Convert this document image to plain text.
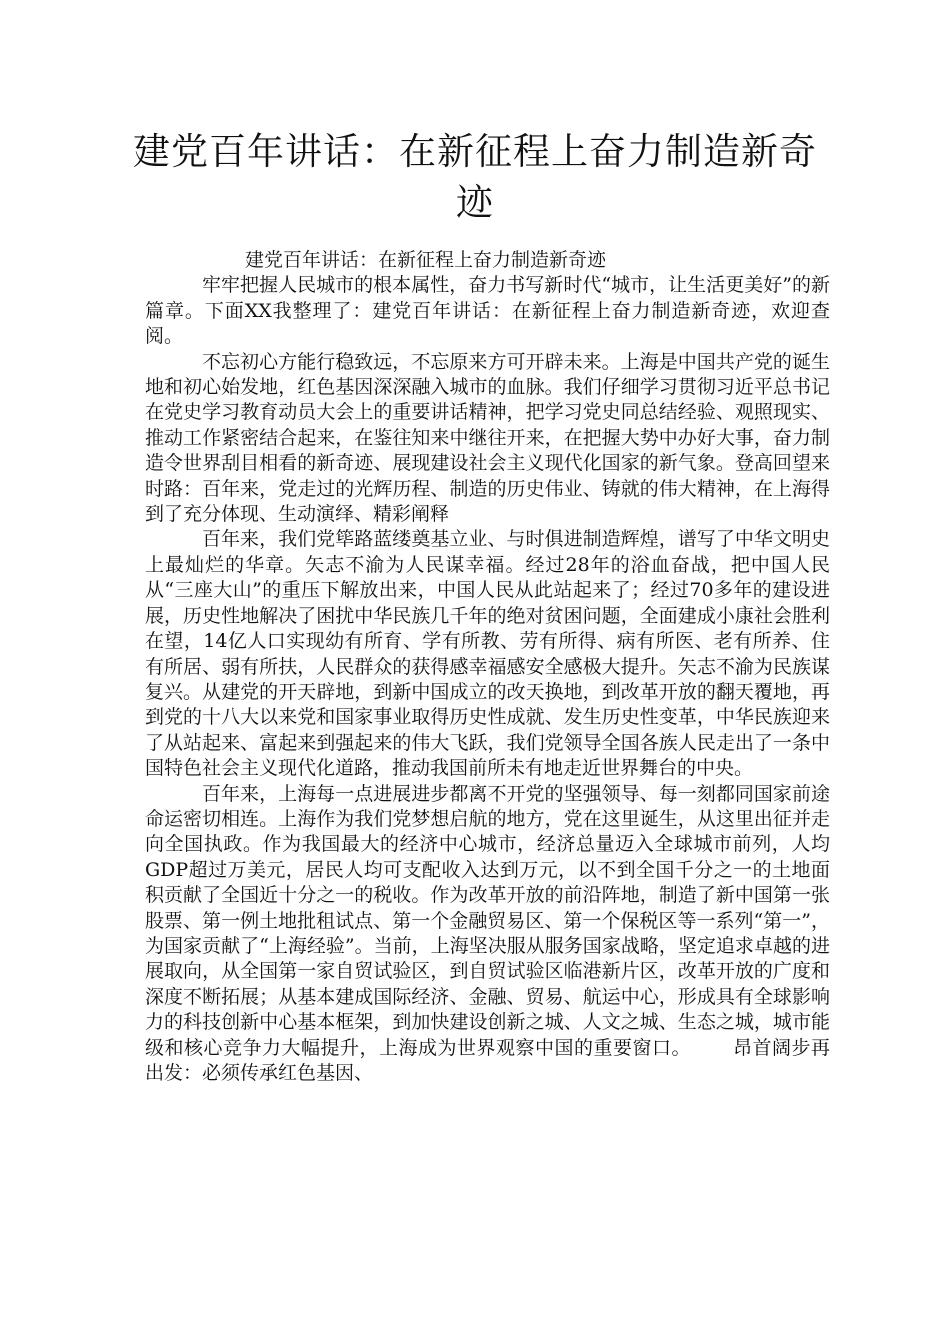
建党百年讲话：在新征程上奋力制造新奇迹

建党百年讲话：在新征程上奋力制造新奇迹

牢牢把握人民城市的根本属性，奋力书写新时代“城市，让生活更美好”的新篇章。下面XX我整理了：建党百年讲话：在新征程上奋力制造新奇迹，欢迎查阅。

不忘初心方能行稳致远，不忘原来方可开辟未来。上海是中国共产党的诞生地和初心始发地，红色基因深深融入城市的血脉。我们仔细学习贯彻习近平总书记在党史学习教育动员大会上的重要讲话精神，把学习党史同总结经验、观照现实、推动工作紧密结合起来，在鉴往知来中继往开来，在把握大势中办好大事，奋力制造令世界刮目相看的新奇迹、展现建设社会主义现代化国家的新气象。登高回望来时路：百年来，党走过的光辉历程、制造的历史伟业、铸就的伟大精神，在上海得到了充分体现、生动演绎、精彩阐释

百年来，我们党筚路蓝缕奠基立业、与时俱进制造辉煌，谱写了中华文明史上最灿烂的华章。矢志不渝为人民谋幸福。经过28年的浴血奋战，把中国人民从“三座大山”的重压下解放出来，中国人民从此站起来了；经过70多年的建设进展，历史性地解决了困扰中华民族几千年的绝对贫困问题，全面建成小康社会胜利在望，14亿人口实现幼有所育、学有所教、劳有所得、病有所医、老有所养、住有所居、弱有所扶，人民群众的获得感幸福感安全感极大提升。矢志不渝为民族谋复兴。从建党的开天辟地，到新中国成立的改天换地，到改革开放的翻天覆地，再到党的十八大以来党和国家事业取得历史性成就、发生历史性变革，中华民族迎来了从站起来、富起来到强起来的伟大飞跃，我们党领导全国各族人民走出了一条中国特色社会主义现代化道路，推动我国前所未有地走近世界舞台的中央。

百年来，上海每一点进展进步都离不开党的坚强领导、每一刻都同国家前途命运密切相连。上海作为我们党梦想启航的地方，党在这里诞生，从这里出征并走向全国执政。作为我国最大的经济中心城市，经济总量迈入全球城市前列，人均GDP超过万美元，居民人均可支配收入达到万元，以不到全国千分之一的土地面积贡献了全国近十分之一的税收。作为改革开放的前沿阵地，制造了新中国第一张股票、第一例土地批租试点、第一个金融贸易区、第一个保税区等一系列“第一”，为国家贡献了“上海经验”。当前，上海坚决服从服务国家战略，坚定追求卓越的进展取向，从全国第一家自贸试验区，到自贸试验区临港新片区，改革开放的广度和深度不断拓展；从基本建成国际经济、金融、贸易、航运中心，形成具有全球影响力的科技创新中心基本框架，到加快建设创新之城、人文之城、生态之城，城市能级和核心竞争力大幅提升，上海成为世界观察中国的重要窗口。 昂首阔步再出发：必须传承红色基因、
